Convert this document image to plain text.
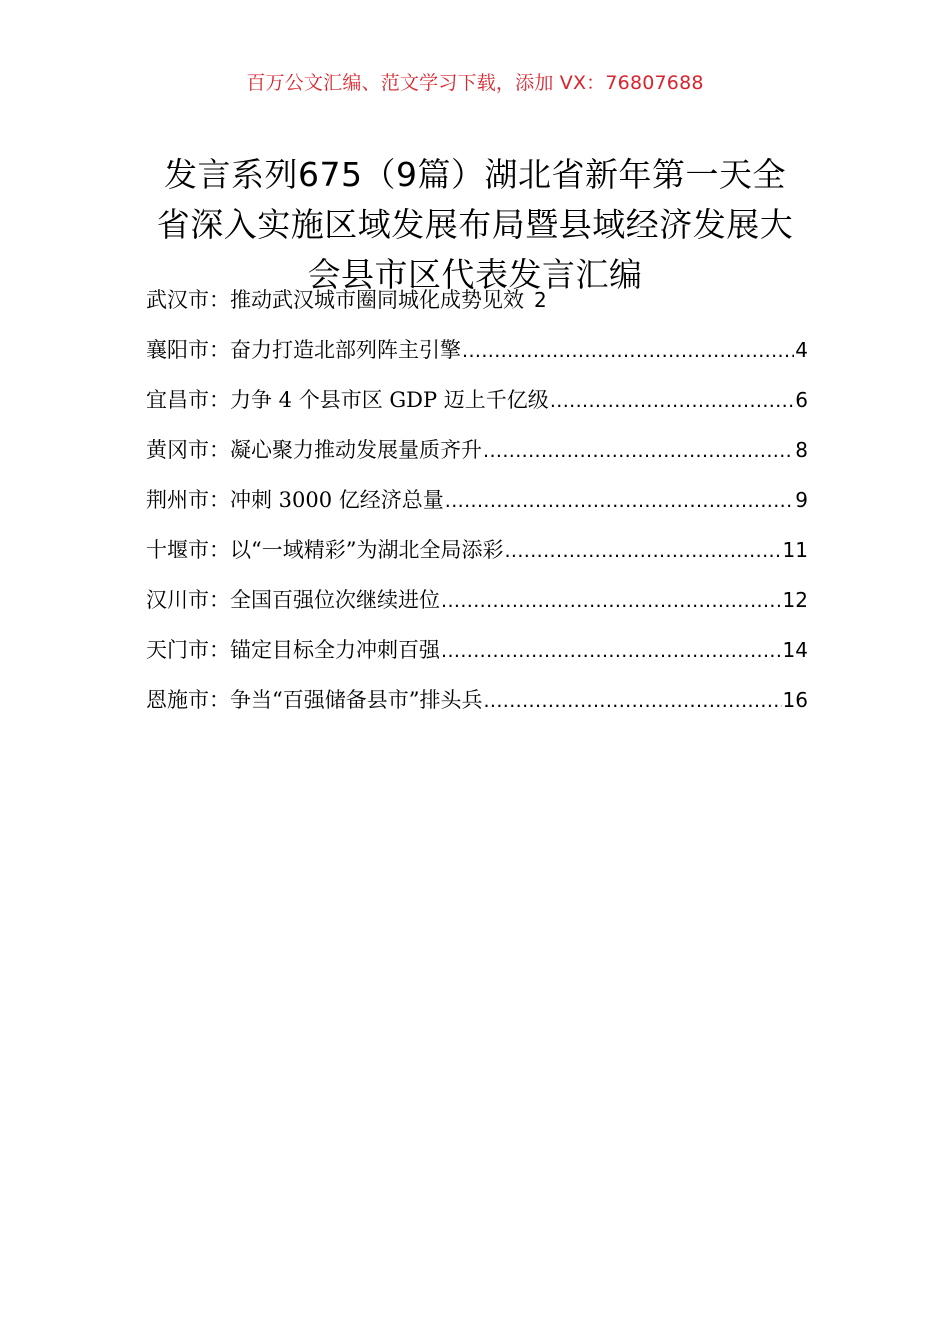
百万公文汇编、范文学习下载，添加 VX：76807688
发言系列675（9篇）湖北省新年第一天全省深入实施区域发展布局暨县域经济发展大会县市区代表发言汇编
武汉市：推动武汉城市圈同城化成势见效 2
襄阳市：奋力打造北部列阵主引擎 .....	4
宜昌市：力争 4 个县市区 GDP 迈上千亿级 .....	6
黄冈市：凝心聚力推动发展量质齐升 .....	8
荆州市：冲刺 3000 亿经济总量 .....	9
十堰市：以“一域精彩”为湖北全局添彩 .....	11
汉川市：全国百强位次继续进位 .....	12
天门市：锚定目标全力冲刺百强 .....	14
恩施市：争当“百强储备县市”排头兵 .....	16
